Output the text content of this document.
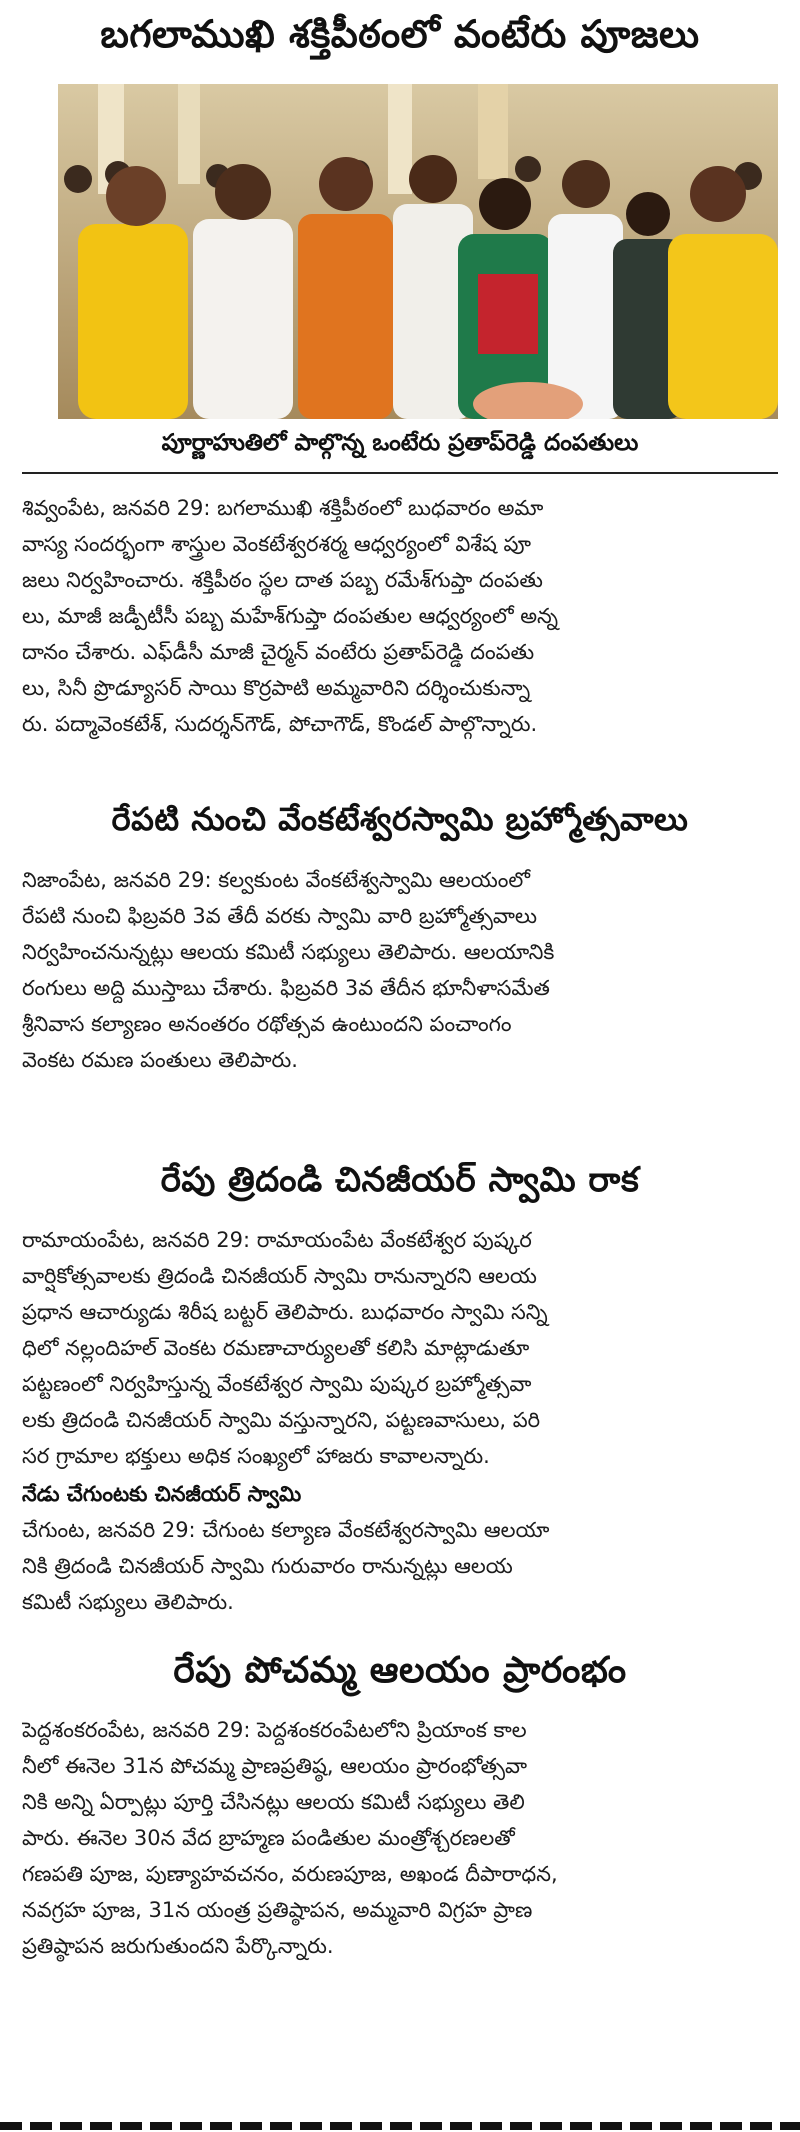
బగలాముఖి శక్తిపీఠంలో వంటేరు పూజలు
పూర్ణాహుతిలో పాల్గొన్న ఒంటేరు ప్రతాప్‌రెడ్డి దంపతులు
శివ్వంపేట, జనవరి 29: బగలాముఖి శక్తిపీఠంలో బుధవారం అమా
వాస్య సందర్భంగా శాస్త్రుల వెంకటేశ్వరశర్మ ఆధ్వర్యంలో విశేష పూ
జలు నిర్వహించారు. శక్తిపీఠం స్థల దాత పబ్బ రమేశ్‌గుప్తా దంపతు
లు, మాజీ జడ్పీటీసీ పబ్బ మహేశ్‌గుప్తా దంపతుల ఆధ్వర్యంలో అన్న
దానం చేశారు. ఎఫ్‌డీసీ మాజీ చైర్మన్ వంటేరు ప్రతాప్‌రెడ్డి దంపతు
లు, సినీ ప్రొడ్యూసర్ సాయి కొర్రపాటి అమ్మవారిని దర్శించుకున్నా
రు. పద్మావెంకటేశ్, సుదర్శన్‌గౌడ్, పోచాగౌడ్, కొండల్ పాల్గొన్నారు.
రేపటి నుంచి వేంకటేశ్వరస్వామి బ్రహ్మోత్సవాలు
నిజాంపేట, జనవరి 29: కల్వకుంట వేంకటేశ్వస్వామి ఆలయంలో
రేపటి నుంచి ఫిబ్రవరి 3వ తేదీ వరకు స్వామి వారి బ్రహ్మోత్సవాలు
నిర్వహించనున్నట్లు ఆలయ కమిటీ సభ్యులు తెలిపారు. ఆలయానికి
రంగులు అద్ది ముస్తాబు చేశారు. ఫిబ్రవరి 3వ తేదీన భూనీళాసమేత
శ్రీనివాస కల్యాణం అనంతరం రథోత్సవ ఉంటుందని పంచాంగం
వెంకట రమణ పంతులు తెలిపారు.
రేపు త్రిదండి చినజీయర్ స్వామి రాక
రామాయంపేట, జనవరి 29: రామాయంపేట వేంకటేశ్వర పుష్కర
వార్షికోత్సవాలకు త్రిదండి చినజీయర్ స్వామి రానున్నారని ఆలయ
ప్రధాన ఆచార్యుడు శిరీష బట్టర్ తెలిపారు. బుధవారం స్వామి సన్ని
ధిలో నల్లందిహల్ వెంకట రమణాచార్యులతో కలిసి మాట్లాడుతూ
పట్టణంలో నిర్వహిస్తున్న వేంకటేశ్వర స్వామి పుష్కర బ్రహ్మోత్సవా
లకు త్రిదండి చినజీయర్ స్వామి వస్తున్నారని, పట్టణవాసులు, పరి
సర గ్రామాల భక్తులు అధిక సంఖ్యలో హాజరు కావాలన్నారు.
నేడు చేగుంటకు చినజీయర్ స్వామి
చేగుంట, జనవరి 29: చేగుంట కల్యాణ వేంకటేశ్వరస్వామి ఆలయా
నికి త్రిదండి చినజీయర్ స్వామి గురువారం రానున్నట్లు ఆలయ
కమిటీ సభ్యులు తెలిపారు.
రేపు పోచమ్మ ఆలయం ప్రారంభం
పెద్దశంకరంపేట, జనవరి 29: పెద్దశంకరంపేటలోని ప్రియాంక కాల
నీలో ఈనెల 31న పోచమ్మ ప్రాణప్రతిష్ఠ, ఆలయం ప్రారంభోత్సవా
నికి అన్ని ఏర్పాట్లు పూర్తి చేసినట్లు ఆలయ కమిటీ సభ్యులు తెలి
పారు. ఈనెల 30న వేద బ్రాహ్మణ పండితుల మంత్రోశ్చరణలతో
గణపతి పూజ, పుణ్యాహవచనం, వరుణపూజ, అఖండ దీపారాధన,
నవగ్రహ పూజ, 31న యంత్ర ప్రతిష్ఠాపన, అమ్మవారి విగ్రహ ప్రాణ
ప్రతిష్ఠాపన జరుగుతుందని పేర్కొన్నారు.
